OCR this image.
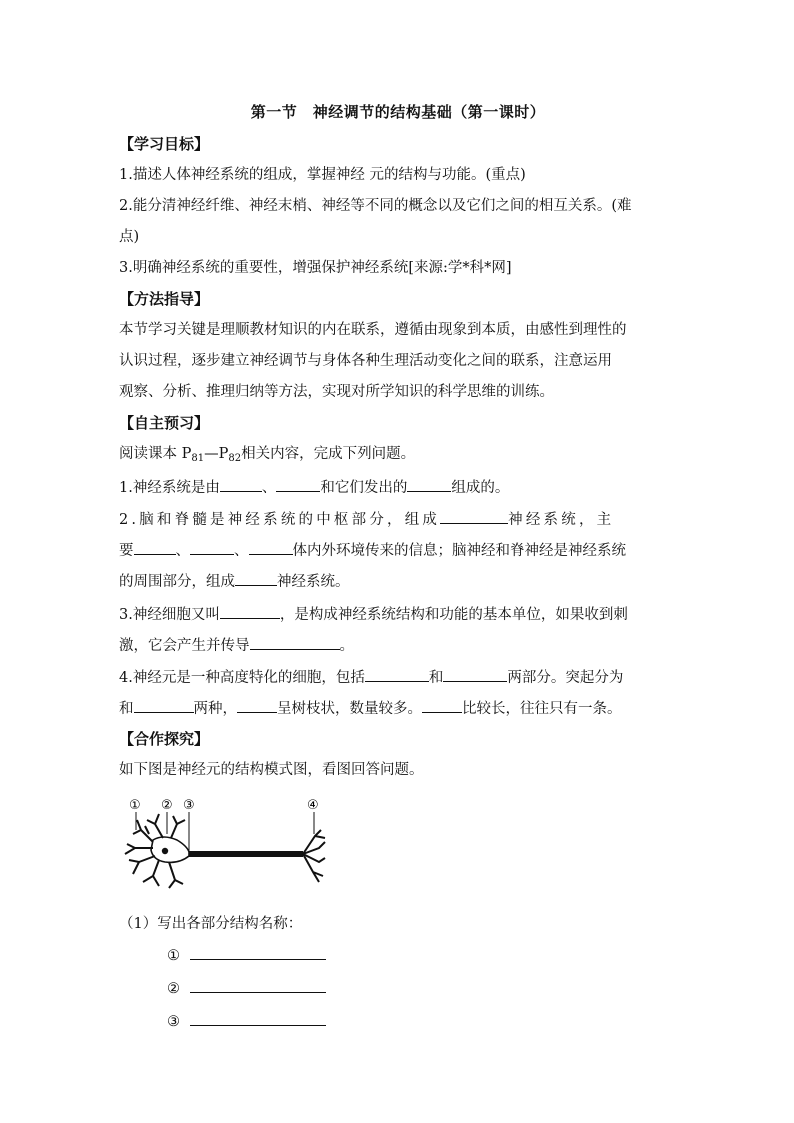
第一节　神经调节的结构基础（第一课时）
【学习目标】
1.描述人体神经系统的组成，掌握神经 元的结构与功能。(重点)
2.能分清神经纤维、神经末梢、神经等不同的概念以及它们之间的相互关系。(难
点)
3.明确神经系统的重要性，增强保护神经系统[来源:学*科*网]
【方法指导】
本节学习关键是理顺教材知识的内在联系，遵循由现象到本质，由感性到理性的
认识过程，逐步建立神经调节与身体各种生理活动变化之间的联系，注意运用
观察、分析、推理归纳等方法，实现对所学知识的科学思维的训练。
【自主预习】
阅读课本 $P_{81}—P_{82}$相关内容，完成下列问题。
1.神经系统是由	、	和它们发出的	组成的。
2.脑和脊髓是神经系统的中枢部分，组成	神经系统，主
要	、	、	体内外环境传来的信息；脑神经和脊神经是神经系统
的周围部分，组成	神经系统。
3.神经细胞又叫	，是构成神经系统结构和功能的基本单位，如果收到刺
激，它会产生并传导	。
4.神经元是一种高度特化的细胞，包括	和	两部分。突起分为
和	两种，	呈树枝状，数量较多。	比较长，往往只有一条。
【合作探究】
如下图是神经元的结构模式图，看图回答问题。
① ② ③	④
（1）写出各部分结构名称：
①
②
③
